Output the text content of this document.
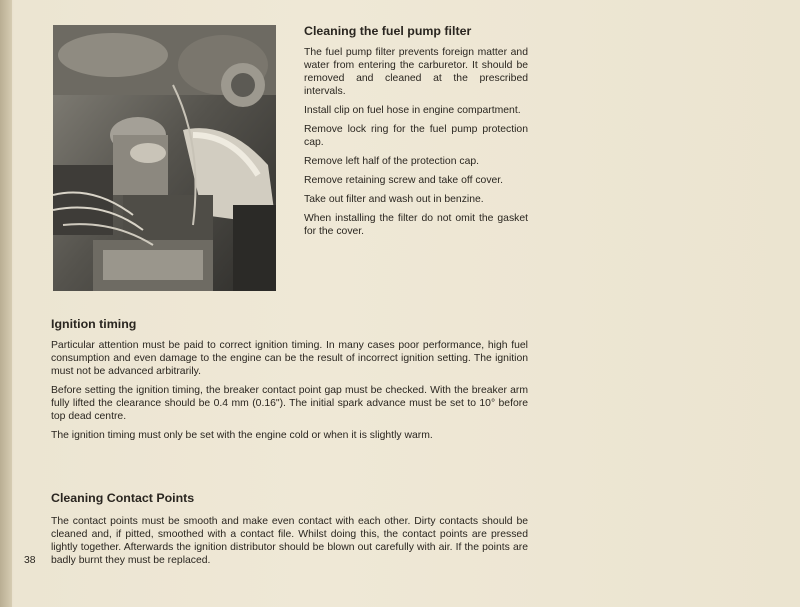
Cleaning the fuel pump filter

The fuel pump filter prevents foreign matter and water from entering the carburetor. It should be removed and cleaned at the prescribed intervals.

Install clip on fuel hose in engine compartment.

Remove lock ring for the fuel pump protection cap.

Remove left half of the protection cap.

Remove retaining screw and take off cover.

Take out filter and wash out in benzine.

When installing the filter do not omit the gasket for the cover.

Ignition timing

Particular attention must be paid to correct ignition timing. In many cases poor performance, high fuel consumption and even damage to the engine can be the result of incorrect ignition setting. The ignition must not be advanced arbitrarily.

Before setting the ignition timing, the breaker contact point gap must be checked. With the breaker arm fully lifted the clearance should be 0.4 mm (0.16"). The initial spark advance must be set to 10° before top dead centre.

The ignition timing must only be set with the engine cold or when it is slightly warm.

Cleaning Contact Points

The contact points must be smooth and make even contact with each other. Dirty contacts should be cleaned and, if pitted, smoothed with a contact file. Whilst doing this, the contact points are pressed lightly together. Afterwards the ignition distributor should be blown out carefully with air. If the points are badly burnt they must be replaced.

38
